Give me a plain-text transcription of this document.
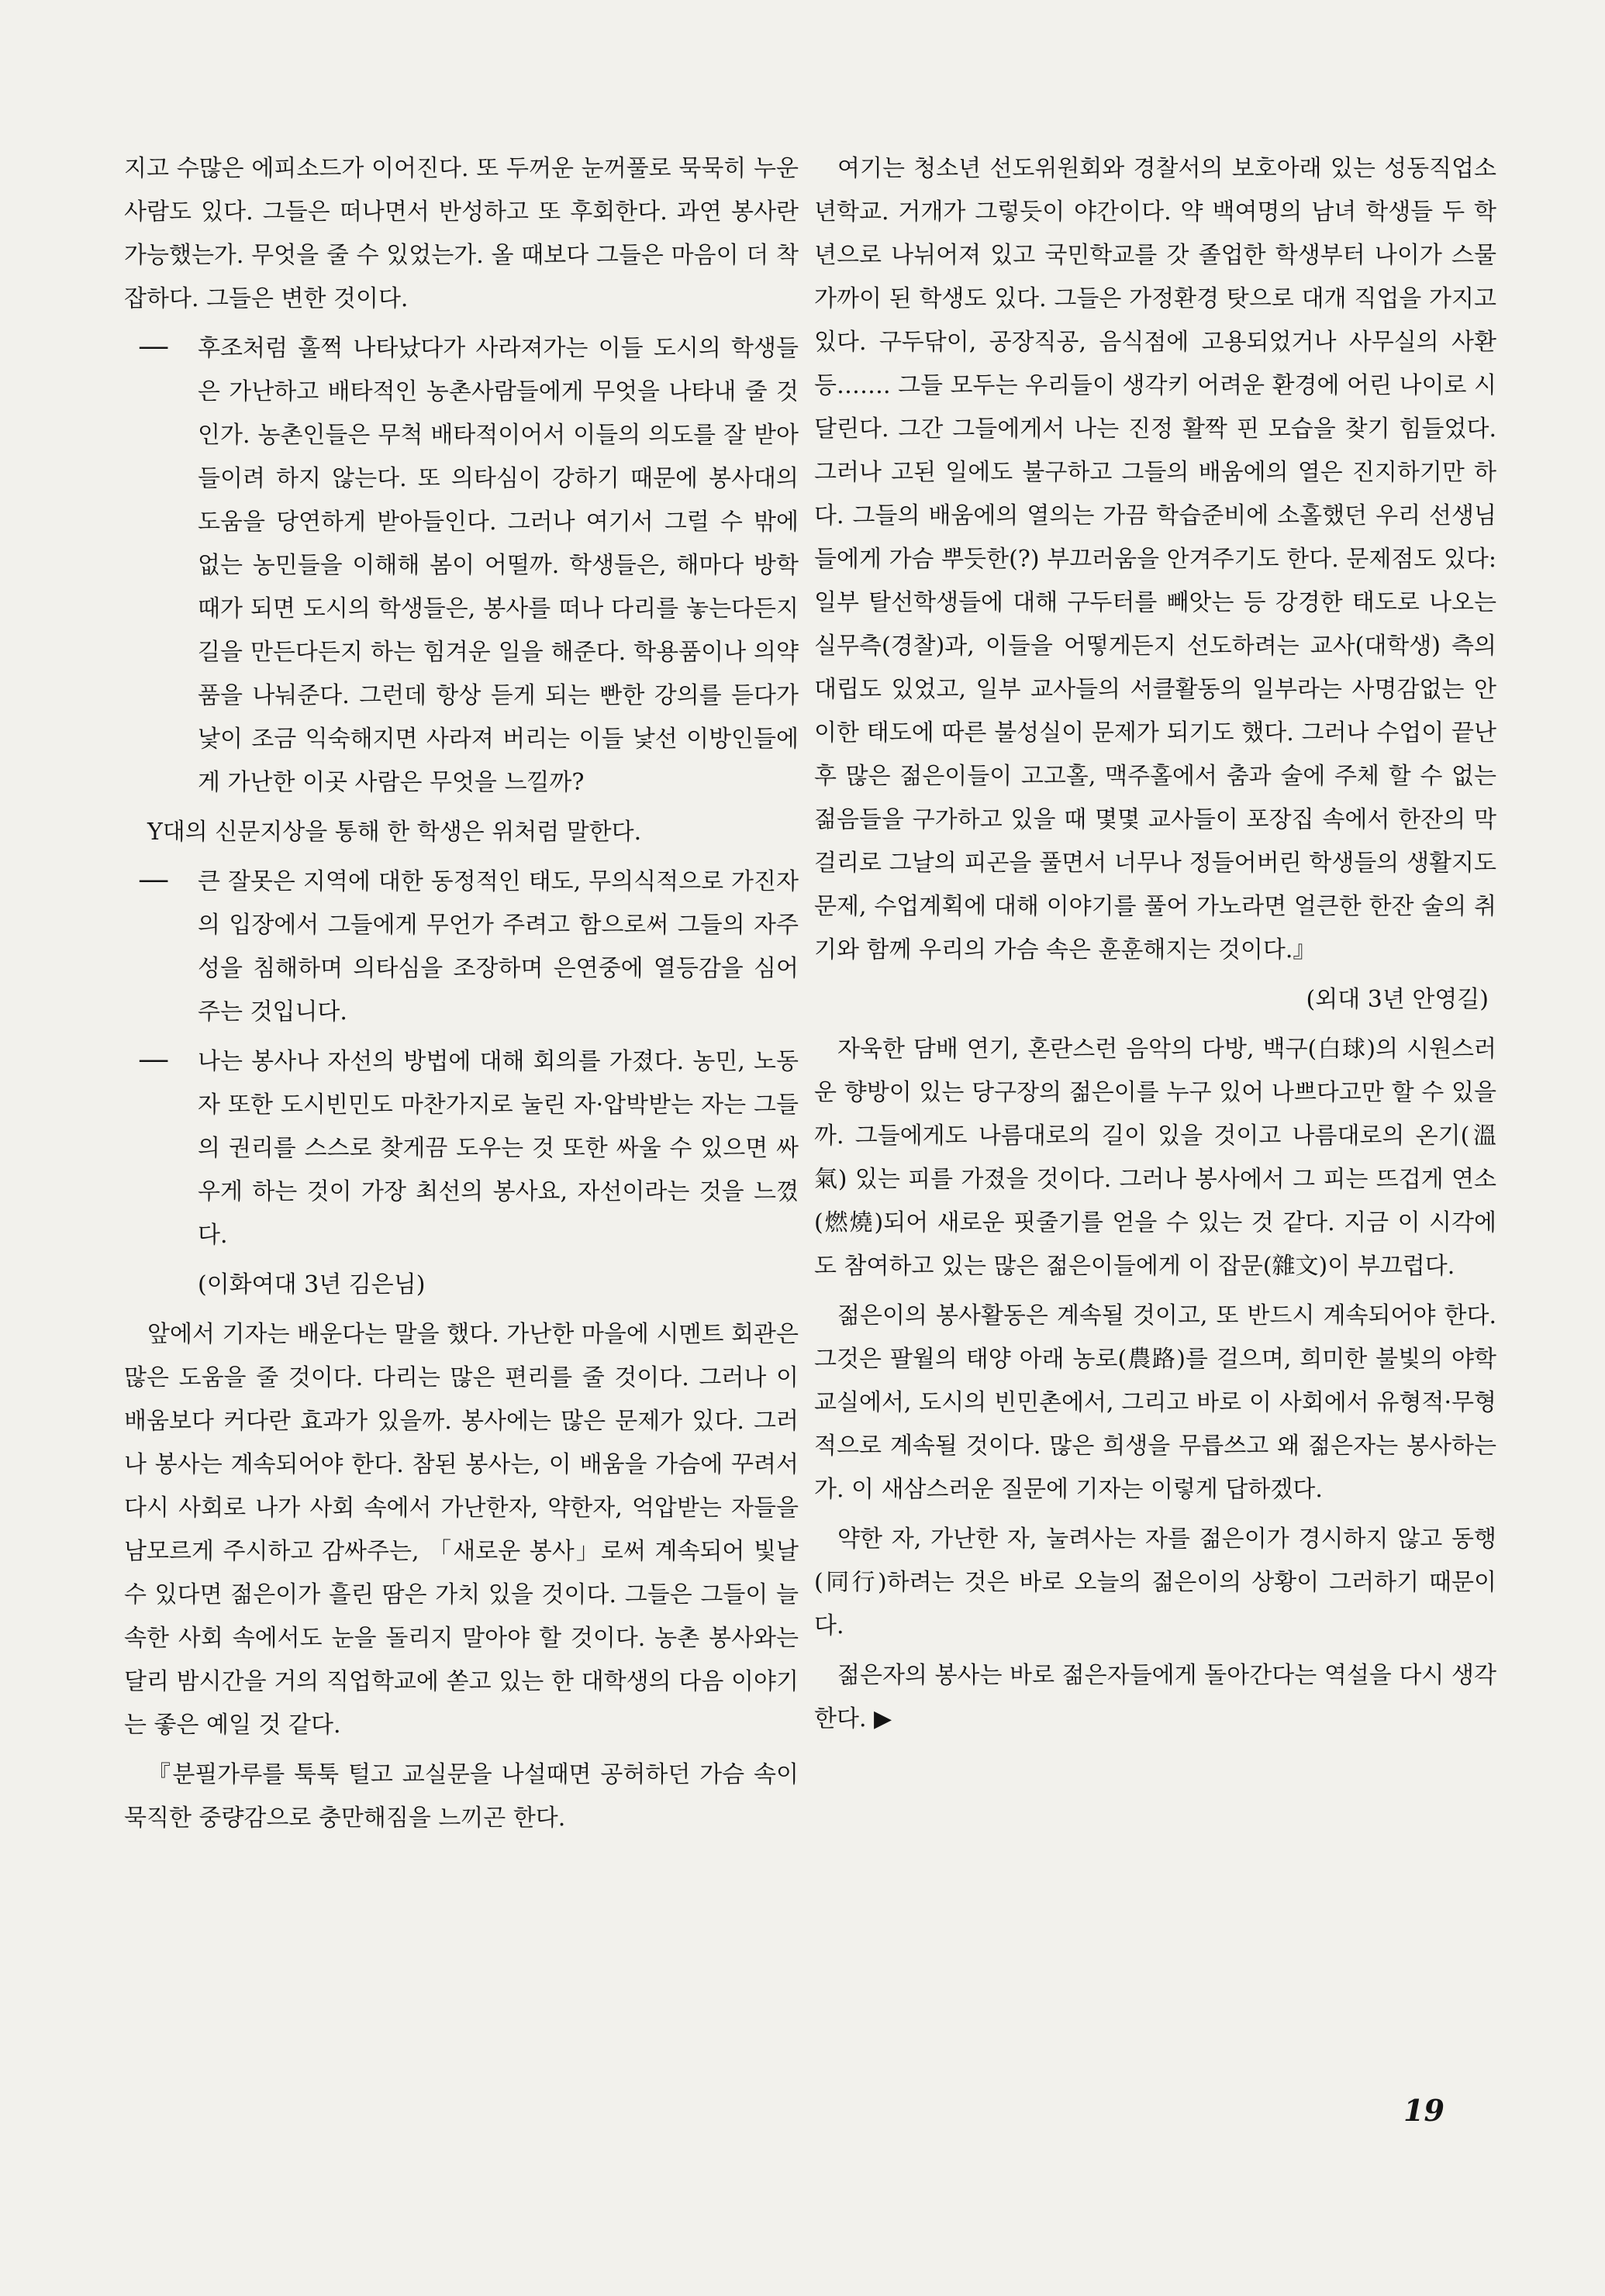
지고 수많은 에피소드가 이어진다. 또 두꺼운 눈꺼풀로 묵묵히 누운 사람도 있다. 그들은 떠나면서 반성하고 또 후회한다. 과연 봉사란 가능했는가. 무엇을 줄 수 있었는가. 올 때보다 그들은 마음이 더 착잡하다. 그들은 변한 것이다.

──	후조처럼 훌쩍 나타났다가 사라져가는 이들 도시의 학생들은 가난하고 배타적인 농촌사람들에게 무엇을 나타내 줄 것인가. 농촌인들은 무척 배타적이어서 이들의 의도를 잘 받아들이려 하지 않는다. 또 의타심이 강하기 때문에 봉사대의 도움을 당연하게 받아들인다. 그러나 여기서 그럴 수 밖에 없는 농민들을 이해해 봄이 어떨까. 학생들은, 해마다 방학때가 되면 도시의 학생들은, 봉사를 떠나 다리를 놓는다든지 길을 만든다든지 하는 힘겨운 일을 해준다. 학용품이나 의약품을 나눠준다. 그런데 항상 듣게 되는 빤한 강의를 듣다가 낯이 조금 익숙해지면 사라져 버리는 이들 낯선 이방인들에게 가난한 이곳 사람은 무엇을 느낄까?

Y대의 신문지상을 통해 한 학생은 위처럼 말한다.

──	큰 잘못은 지역에 대한 동정적인 태도, 무의식적으로 가진자의 입장에서 그들에게 무언가 주려고 함으로써 그들의 자주성을 침해하며 의타심을 조장하며 은연중에 열등감을 심어주는 것입니다.
──	나는 봉사나 자선의 방법에 대해 회의를 가졌다. 농민, 노동자 또한 도시빈민도 마찬가지로 눌린 자·압박받는 자는 그들의 권리를 스스로 찾게끔 도우는 것 또한 싸울 수 있으면 싸우게 하는 것이 가장 최선의 봉사요, 자선이라는 것을 느꼈다.

(이화여대 3년 김은님)

앞에서 기자는 배운다는 말을 했다. 가난한 마을에 시멘트 회관은 많은 도움을 줄 것이다. 다리는 많은 편리를 줄 것이다. 그러나 이 배움보다 커다란 효과가 있을까. 봉사에는 많은 문제가 있다. 그러나 봉사는 계속되어야 한다. 참된 봉사는, 이 배움을 가슴에 꾸려서 다시 사회로 나가 사회 속에서 가난한자, 약한자, 억압받는 자들을 남모르게 주시하고 감싸주는, 「새로운 봉사」로써 계속되어 빛날 수 있다면 젊은이가 흘린 땀은 가치 있을 것이다. 그들은 그들이 늘 속한 사회 속에서도 눈을 돌리지 말아야 할 것이다. 농촌 봉사와는 달리 밤시간을 거의 직업학교에 쏟고 있는 한 대학생의 다음 이야기는 좋은 예일 것 같다.

『분필가루를 툭툭 털고 교실문을 나설때면 공허하던 가슴 속이 묵직한 중량감으로 충만해짐을 느끼곤 한다.

여기는 청소년 선도위원회와 경찰서의 보호아래 있는 성동직업소년학교. 거개가 그렇듯이 야간이다. 약 백여명의 남녀 학생들 두 학년으로 나뉘어져 있고 국민학교를 갓 졸업한 학생부터 나이가 스물 가까이 된 학생도 있다. 그들은 가정환경 탓으로 대개 직업을 가지고 있다. 구두닦이, 공장직공, 음식점에 고용되었거나 사무실의 사환 등……. 그들 모두는 우리들이 생각키 어려운 환경에 어린 나이로 시달린다. 그간 그들에게서 나는 진정 활짝 핀 모습을 찾기 힘들었다. 그러나 고된 일에도 불구하고 그들의 배움에의 열은 진지하기만 하다. 그들의 배움에의 열의는 가끔 학습준비에 소홀했던 우리 선생님들에게 가슴 뿌듯한(?) 부끄러움을 안겨주기도 한다. 문제점도 있다: 일부 탈선학생들에 대해 구두터를 빼앗는 등 강경한 태도로 나오는 실무측(경찰)과, 이들을 어떻게든지 선도하려는 교사(대학생) 측의 대립도 있었고, 일부 교사들의 서클활동의 일부라는 사명감없는 안이한 태도에 따른 불성실이 문제가 되기도 했다. 그러나 수업이 끝난 후 많은 젊은이들이 고고홀, 맥주홀에서 춤과 술에 주체 할 수 없는 젊음들을 구가하고 있을 때 몇몇 교사들이 포장집 속에서 한잔의 막걸리로 그날의 피곤을 풀면서 너무나 정들어버린 학생들의 생활지도문제, 수업계획에 대해 이야기를 풀어 가노라면 얼큰한 한잔 술의 취기와 함께 우리의 가슴 속은 훈훈해지는 것이다.』

(외대 3년 안영길)

자욱한 담배 연기, 혼란스런 음악의 다방, 백구(白球)의 시원스러운 향방이 있는 당구장의 젊은이를 누구 있어 나쁘다고만 할 수 있을까. 그들에게도 나름대로의 길이 있을 것이고 나름대로의 온기(溫氣) 있는 피를 가졌을 것이다. 그러나 봉사에서 그 피는 뜨겁게 연소(燃燒)되어 새로운 핏줄기를 얻을 수 있는 것 같다. 지금 이 시각에도 참여하고 있는 많은 젊은이들에게 이 잡문(雜文)이 부끄럽다.

젊은이의 봉사활동은 계속될 것이고, 또 반드시 계속되어야 한다. 그것은 팔월의 태양 아래 농로(農路)를 걸으며, 희미한 불빛의 야학교실에서, 도시의 빈민촌에서, 그리고 바로 이 사회에서 유형적·무형적으로 계속될 것이다. 많은 희생을 무릅쓰고 왜 젊은자는 봉사하는가. 이 새삼스러운 질문에 기자는 이렇게 답하겠다.

약한 자, 가난한 자, 눌려사는 자를 젊은이가 경시하지 않고 동행(同行)하려는 것은 바로 오늘의 젊은이의 상황이 그러하기 때문이다.

젊은자의 봉사는 바로 젊은자들에게 돌아간다는 역설을 다시 생각한다. ▶

19
